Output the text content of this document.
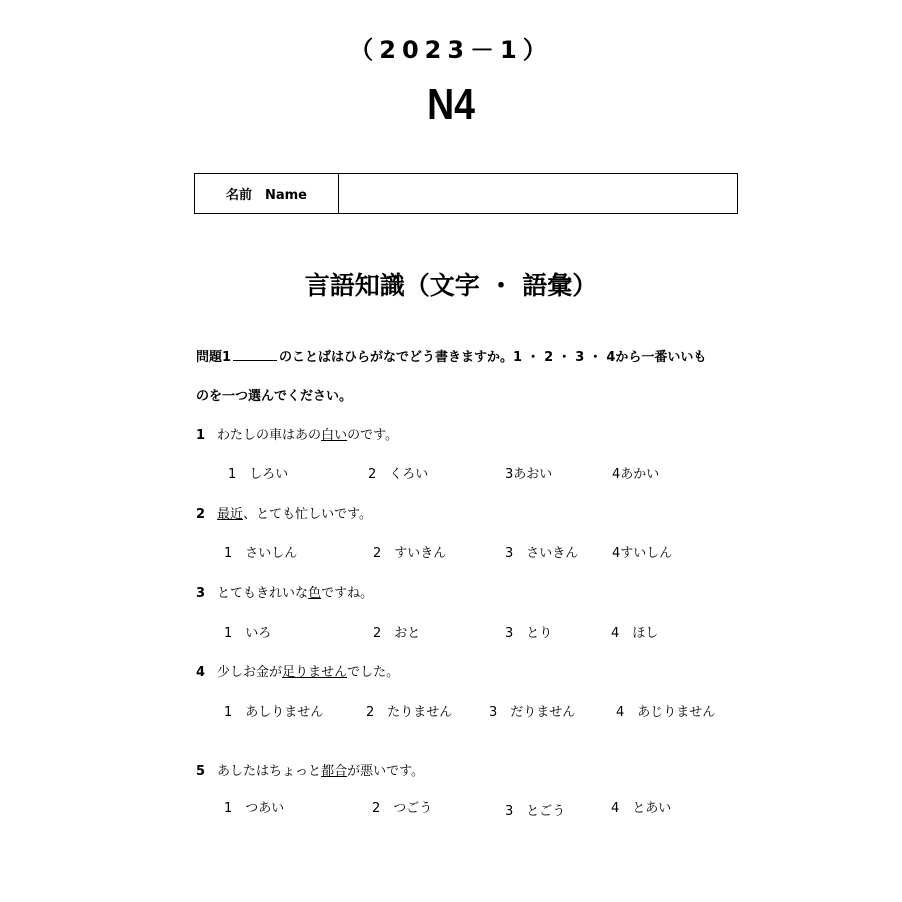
（2023－1）
N4
名前　Name
言語知識（文字 ・ 語彙）
問題1	のことばはひらがなでどう書きますか。1 ・ 2 ・ 3 ・ 4から一番いいも
のを一つ選んでください。
1 わたしの車はあの白いのです。
1　しろい	2　くろい	3あおい	4あかい
2 最近、とても忙しいです。
1　さいしん	2　すいきん	3　さいきん	4すいしん
3 とてもきれいな色ですね。
1　いろ	2　おと	3　とり	4　ほし
4 少しお金が足りませんでした。
1　あしりません	2　たりません	3　だりません	4　あじりません
5 あしたはちょっと都合が悪いです。
1　つあい	2　つごう	3　とごう	4　とあい
